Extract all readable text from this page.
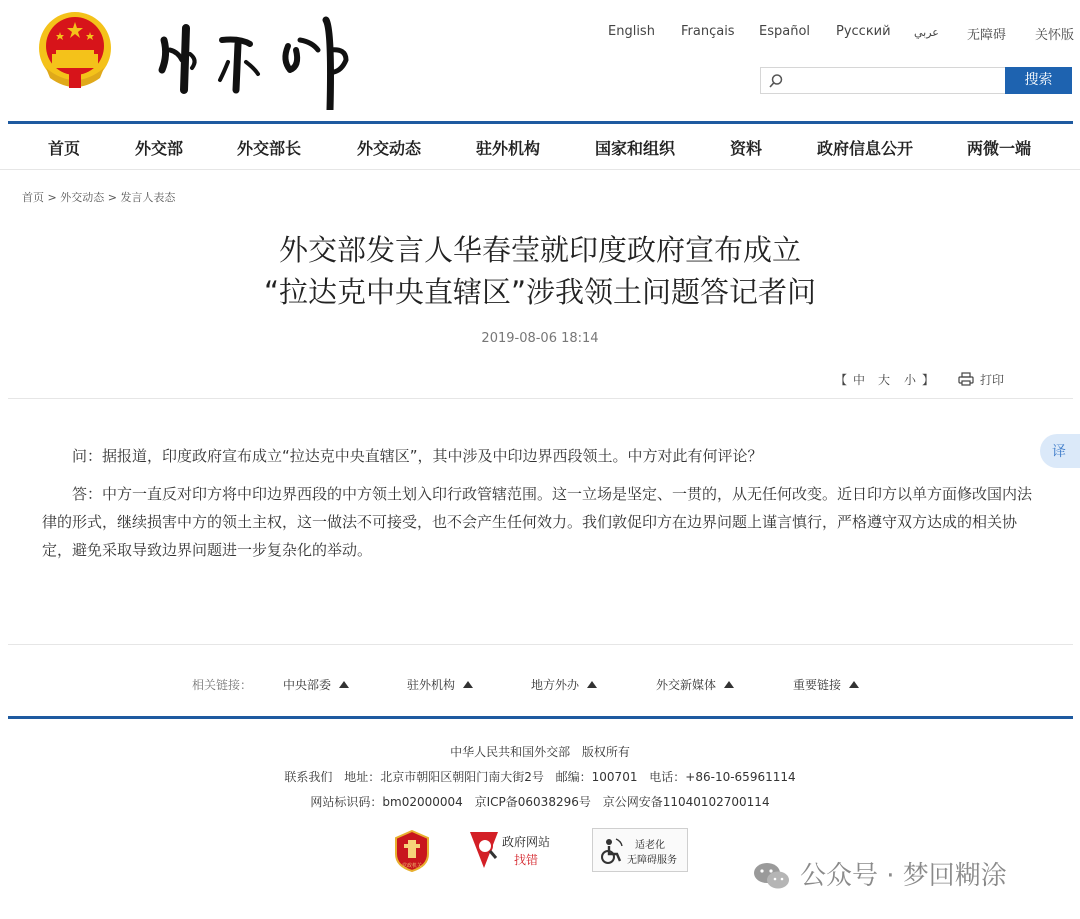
English Français Español Русский عربي 无障碍 关怀版
搜索
首页	外交部	外交部长	外交动态	驻外机构	国家和组织	资料	政府信息公开	两微一端
首页 > 外交动态 > 发言人表态
外交部发言人华春莹就印度政府宣布成立
“拉达克中央直辖区”涉我领土问题答记者问
2019-08-06 18:14
【 中 大 小 】	打印
译

问：据报道，印度政府宣布成立“拉达克中央直辖区”，其中涉及中印边界西段领土。中方对此有何评论？

答：中方一直反对印方将中印边界西段的中方领土划入印行政管辖范围。这一立场是坚定、一贯的，从无任何改变。近日印方以单方面修改国内法律的形式，继续损害中方的领土主权，这一做法不可接受，也不会产生任何效力。我们敦促印方在边界问题上谨言慎行，严格遵守双方达成的相关协定，避免采取导致边界问题进一步复杂化的举动。

相关链接：	中央部委	驻外机构	地方外办	外交新媒体	重要链接
中华人民共和国外交部 版权所有
联系我们 地址：北京市朝阳区朝阳门南大街2号 邮编：100701 电话：+86-10-65961114
网站标识码：bm02000004 京ICP备06038296号 京公网安备11040102700114
党政机关
政府网站
找错
适老化
无障碍服务
公众号 · 梦回糊涂
